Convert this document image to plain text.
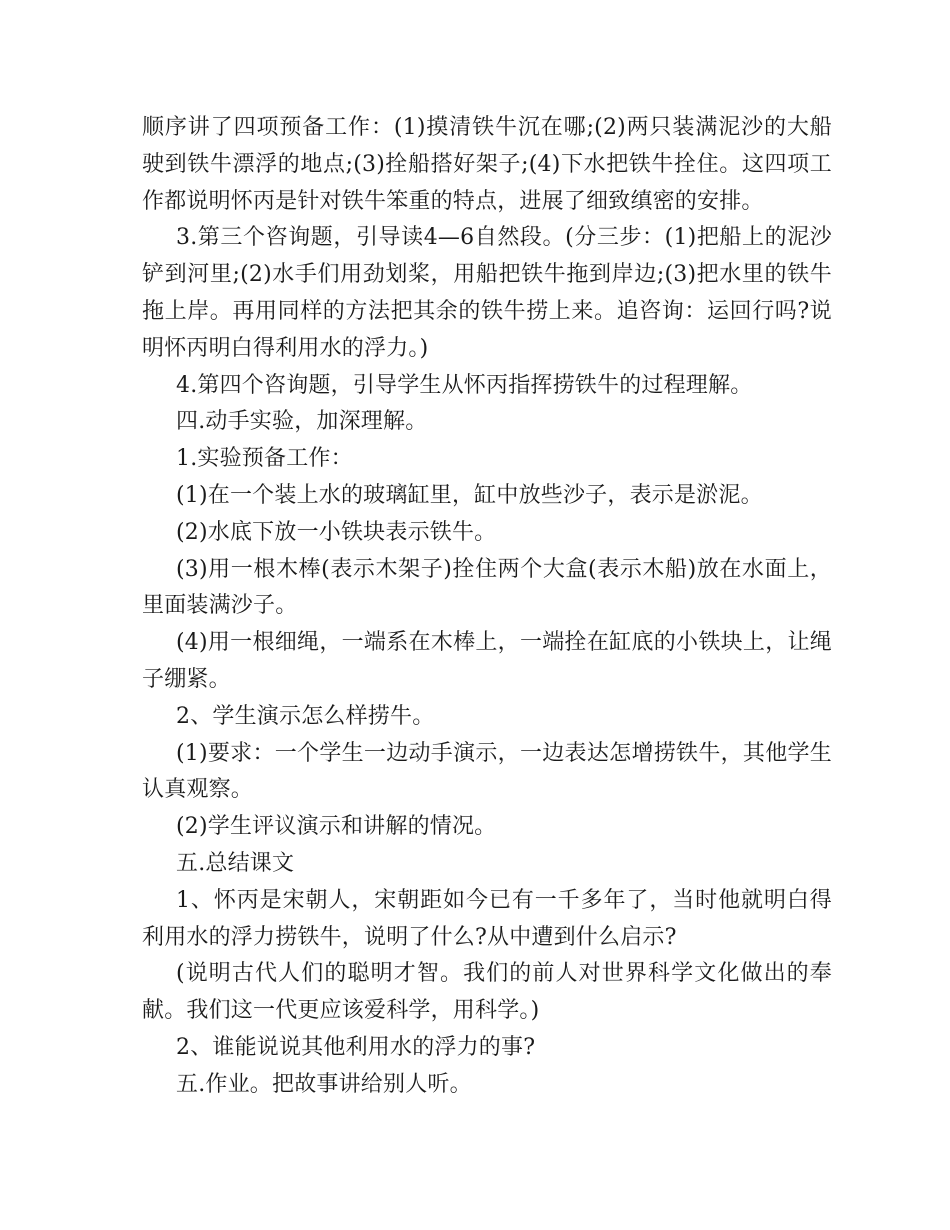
顺序讲了四项预备工作：(1)摸清铁牛沉在哪;(2)两只装满泥沙的大船驶到铁牛漂浮的地点;(3)拴船搭好架子;(4)下水把铁牛拴住。这四项工作都说明怀丙是针对铁牛笨重的特点，进展了细致缜密的安排。

3.第三个咨询题，引导读4—6自然段。(分三步：(1)把船上的泥沙铲到河里;(2)水手们用劲划桨，用船把铁牛拖到岸边;(3)把水里的铁牛拖上岸。再用同样的方法把其余的铁牛捞上来。追咨询：运回行吗?说明怀丙明白得利用水的浮力。)

4.第四个咨询题，引导学生从怀丙指挥捞铁牛的过程理解。

四.动手实验，加深理解。

1.实验预备工作：

(1)在一个装上水的玻璃缸里，缸中放些沙子，表示是淤泥。

(2)水底下放一小铁块表示铁牛。

(3)用一根木棒(表示木架子)拴住两个大盒(表示木船)放在水面上，里面装满沙子。

(4)用一根细绳，一端系在木棒上，一端拴在缸底的小铁块上，让绳子绷紧。

2、学生演示怎么样捞牛。

(1)要求：一个学生一边动手演示，一边表达怎增捞铁牛，其他学生认真观察。

(2)学生评议演示和讲解的情况。

五.总结课文

1、怀丙是宋朝人，宋朝距如今已有一千多年了，当时他就明白得利用水的浮力捞铁牛，说明了什么?从中遭到什么启示?

(说明古代人们的聪明才智。我们的前人对世界科学文化做出的奉献。我们这一代更应该爱科学，用科学。)

2、谁能说说其他利用水的浮力的事?

五.作业。把故事讲给别人听。
